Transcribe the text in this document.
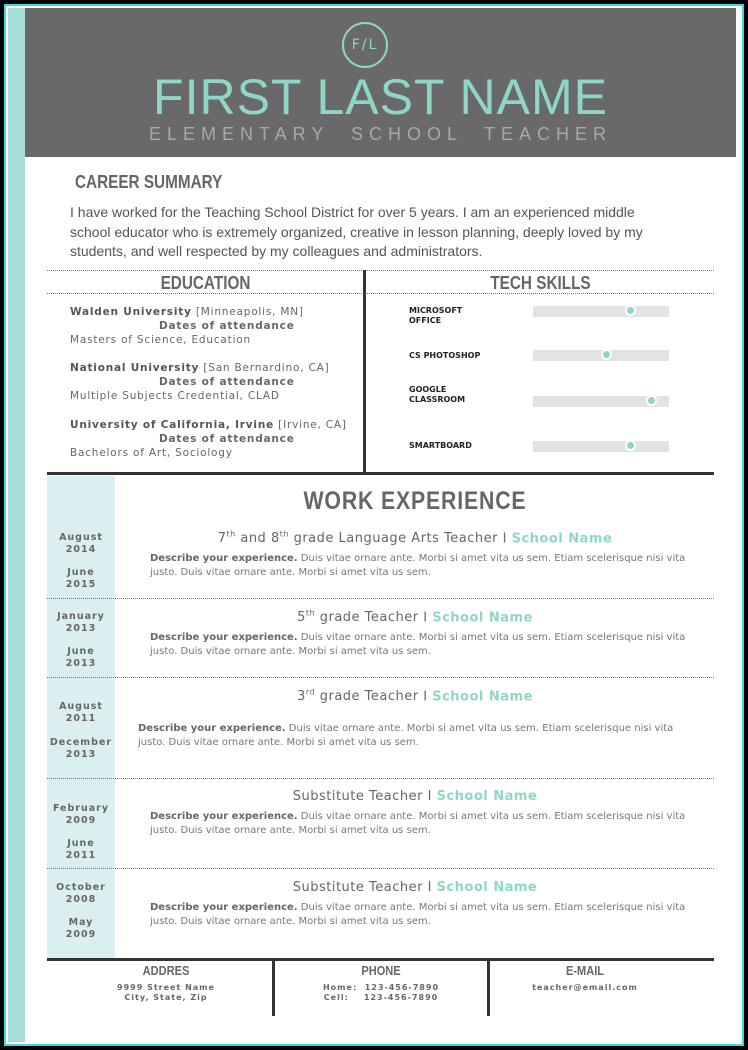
F/L
FIRST LAST NAME
ELEMENTARY  SCHOOL  TEACHER
CAREER SUMMARY
I have worked for the Teaching School District for over 5 years. I am an experienced middle school educator who is extremely organized, creative in lesson planning, deeply loved by my students, and well respected by my colleagues and administrators.
EDUCATION	TECH SKILLS
Walden University [Minneapolis, MN]
Dates of attendance
Masters of Science, Education
National University [San Bernardino, CA]
Dates of attendance
Multiple Subjects Credential, CLAD
University of California, Irvine [Irvine, CA]
Dates of attendance
Bachelors of Art, Sociology
MICROSOFT OFFICE
CS PHOTOSHOP
GOOGLE CLASSROOM
SMARTBOARD
WORK EXPERIENCE
7th and 8th grade Language Arts Teacher I School Name
Describe your experience. Duis vitae ornare ante. Morbi si amet vita us sem. Etiam scelerisque nisi vita justo. Duis vitae ornare ante. Morbi si amet vita us sem.
August
2014
June
2015
5th grade Teacher I School Name
Describe your experience. Duis vitae ornare ante. Morbi si amet vita us sem. Etiam scelerisque nisi vita justo. Duis vitae ornare ante. Morbi si amet vita us sem.
January
2013
June
2013
3rd grade Teacher I School Name
Describe your experience. Duis vitae ornare ante. Morbi si amet vita us sem. Etiam scelerisque nisi vita justo. Duis vitae ornare ante. Morbi si amet vita us sem.
August
2011
December
2013
Substitute Teacher I School Name
Describe your experience. Duis vitae ornare ante. Morbi si amet vita us sem. Etiam scelerisque nisi vita justo. Duis vitae ornare ante. Morbi si amet vita us sem.
February
2009
June
2011
Substitute Teacher I School Name
Describe your experience. Duis vitae ornare ante. Morbi si amet vita us sem. Etiam scelerisque nisi vita justo. Duis vitae ornare ante. Morbi si amet vita us sem.
October
2008
May
2009
ADDRES
9999 Street Name
City, State, Zip
PHONE
Home:  123-456-7890
Cell:    123-456-7890
E-MAIL
teacher@email.com
